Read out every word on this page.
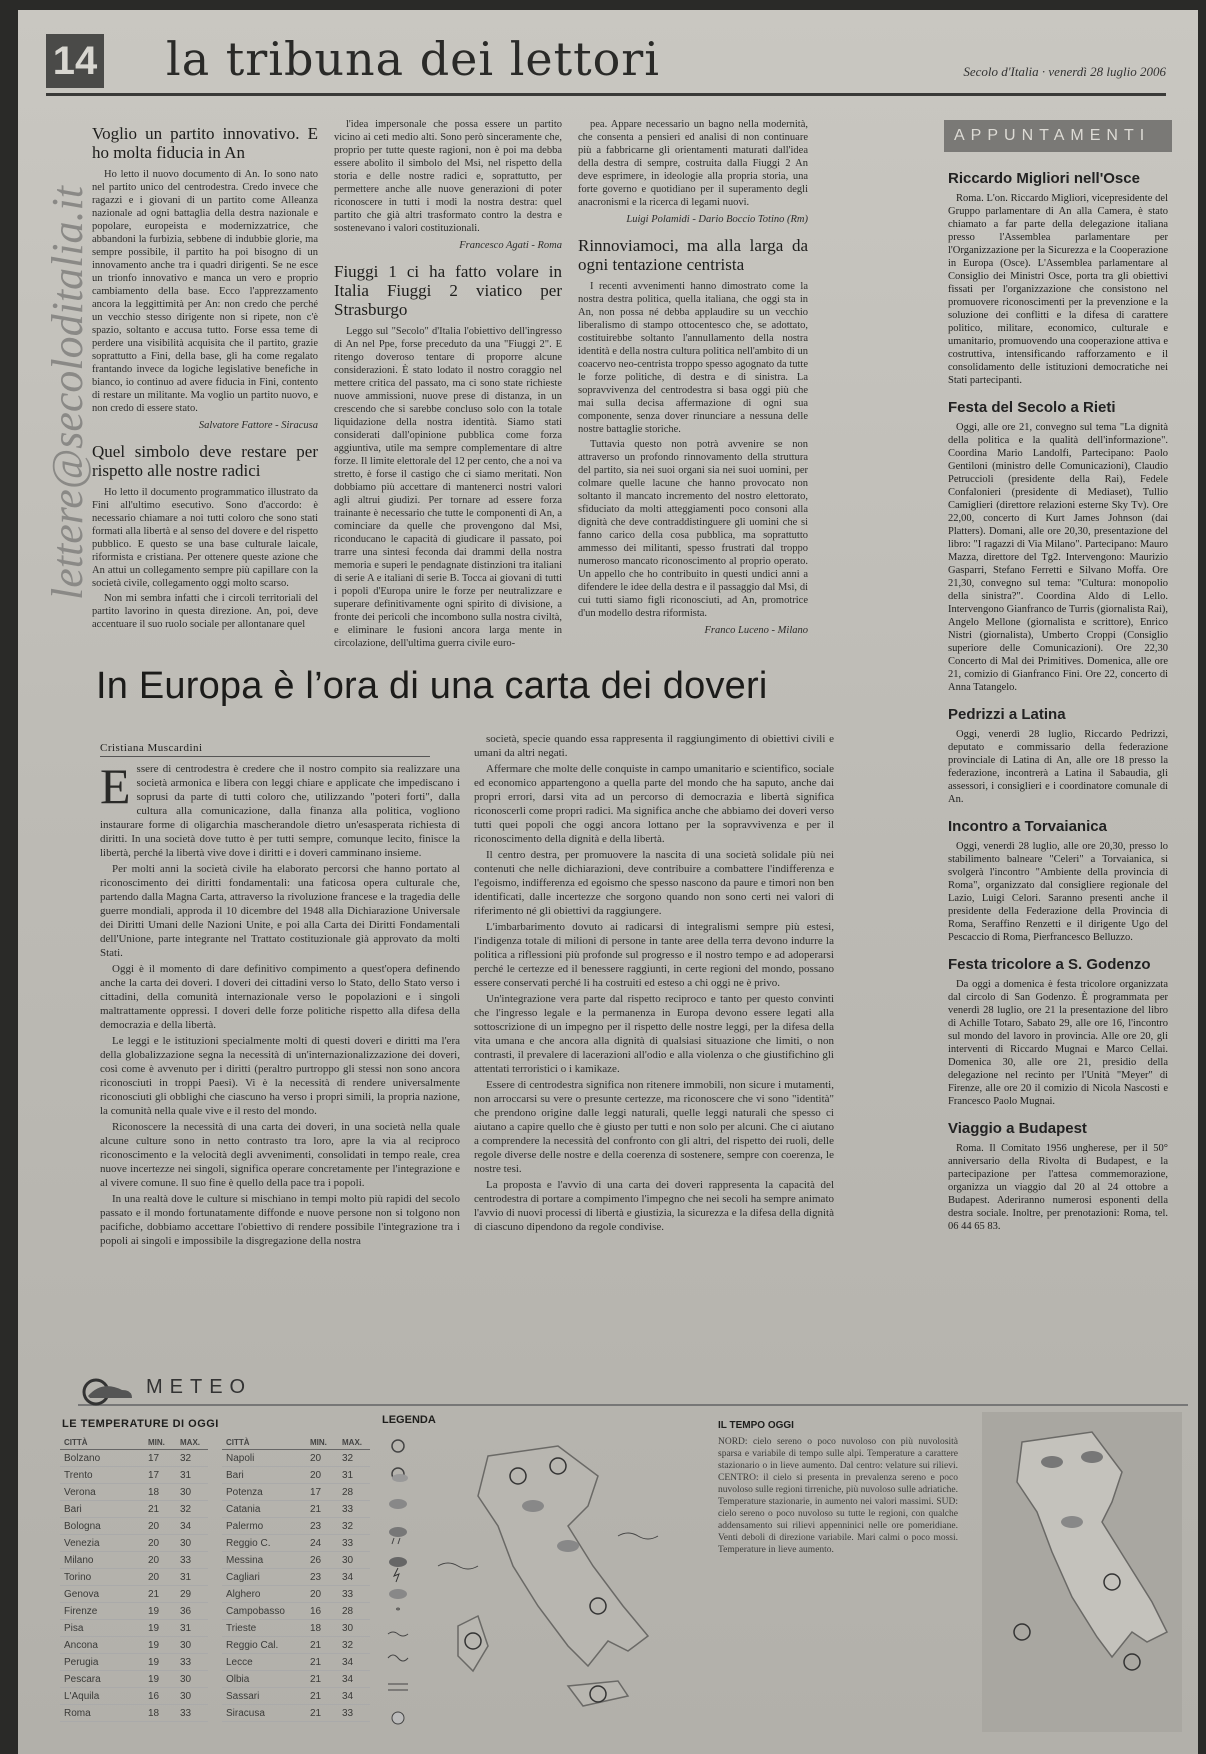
14 la tribuna dei lettori	Secolo d'Italia · venerdì 28 luglio 2006
lettere@secoloditalia.it
Voglio un partito innovativo. E ho molta fiducia in An

Ho letto il nuovo documento di An. Io sono nato nel partito unico del centrodestra. Credo invece che ragazzi e i giovani di un partito come Alleanza nazionale ad ogni battaglia della destra nazionale e popolare, europeista e modernizzatrice, che abbandoni la furbizia, sebbene di indubbie glorie, ma sempre possibile, il partito ha poi bisogno di un innovamento anche tra i quadri dirigenti. Se ne esce un trionfo innovativo e manca un vero e proprio cambiamento della base. Ecco l'apprezzamento ancora la leggittimità per An: non credo che perché un vecchio stesso dirigente non si ripete, non c'è spazio, soltanto e accusa tutto. Forse essa teme di perdere una visibilità acquisita che il partito, grazie soprattutto a Fini, della base, gli ha come regalato frantando invece da logiche legislative benefiche in bianco, io continuo ad avere fiducia in Fini, contento di restare un militante. Ma voglio un partito nuovo, e non credo di essere stato.

Salvatore Fattore - Siracusa
Quel simbolo deve restare per rispetto alle nostre radici

Ho letto il documento programmatico illustrato da Fini all'ultimo esecutivo. Sono d'accordo: è necessario chiamare a noi tutti coloro che sono stati formati alla libertà e al senso del dovere e del rispetto pubblico. E questo se una base culturale laicale, riformista e cristiana. Per ottenere queste azione che An attui un collegamento sempre più capillare con la società civile, collegamento oggi molto scarso.

Non mi sembra infatti che i circoli territoriali del partito lavorino in questa direzione. An, poi, deve accentuare il suo ruolo sociale per allontanare quel

l'idea impersonale che possa essere un partito vicino ai ceti medio alti. Sono però sinceramente che, proprio per tutte queste ragioni, non è poi ma debba essere abolito il simbolo del Msi, nel rispetto della storia e delle nostre radici e, soprattutto, per permettere anche alle nuove generazioni di poter riconoscere in tutti i modi la nostra destra: quel partito che già altri trasformato contro la destra e sostenevano i valori costituzionali.

Francesco Agati - Roma
Fiuggi 1 ci ha fatto volare in Italia Fiuggi 2 viatico per Strasburgo

Leggo sul "Secolo" d'Italia l'obiettivo dell'ingresso di An nel Ppe, forse preceduto da una "Fiuggi 2". E ritengo doveroso tentare di proporre alcune considerazioni. È stato lodato il nostro coraggio nel mettere critica del passato, ma ci sono state richieste nuove ammissioni, nuove prese di distanza, in un crescendo che si sarebbe concluso solo con la totale liquidazione della nostra identità. Siamo stati considerati dall'opinione pubblica come forza aggiuntiva, utile ma sempre complementare di altre forze. Il limite elettorale del 12 per cento, che a noi va stretto, è forse il castigo che ci siamo meritati. Non dobbiamo più accettare di mantenerci nostri valori agli altrui giudizi. Per tornare ad essere forza trainante è necessario che tutte le componenti di An, a cominciare da quelle che provengono dal Msi, riconducano le capacità di giudicare il passato, poi trarre una sintesi feconda dai drammi della nostra memoria e superi le pendagnate distinzioni tra italiani di serie A e italiani di serie B. Tocca ai giovani di tutti i popoli d'Europa unire le forze per neutralizzare e superare definitivamente ogni spirito di divisione, a fronte dei pericoli che incombono sulla nostra civiltà, e eliminare le fusioni ancora larga mente in circolazione, dell'ultima guerra civile euro-

pea. Appare necessario un bagno nella modernità, che consenta a pensieri ed analisi di non continuare più a fabbricarne gli orientamenti maturati dall'idea della destra di sempre, costruita dalla Fiuggi 2 An deve esprimere, in ideologie alla propria storia, una forte governo e quotidiano per il superamento degli anacronismi e la ricerca di legami nuovi.

Luigi Polamidi - Dario Boccio Totino (Rm)
Rinnoviamoci, ma alla larga da ogni tentazione centrista

I recenti avvenimenti hanno dimostrato come la nostra destra politica, quella italiana, che oggi sta in An, non possa né debba applaudire su un vecchio liberalismo di stampo ottocentesco che, se adottato, costituirebbe soltanto l'annullamento della nostra identità e della nostra cultura politica nell'ambito di un coacervo neo-centrista troppo spesso agognato da tutte le forze politiche, di destra e di sinistra. La sopravvivenza del centrodestra si basa oggi più che mai sulla decisa affermazione di ogni sua componente, senza dover rinunciare a nessuna delle nostre battaglie storiche.

Tuttavia questo non potrà avvenire se non attraverso un profondo rinnovamento della struttura del partito, sia nei suoi organi sia nei suoi uomini, per colmare quelle lacune che hanno provocato non soltanto il mancato incremento del nostro elettorato, sfiduciato da molti atteggiamenti poco consoni alla dignità che deve contraddistinguere gli uomini che si fanno carico della cosa pubblica, ma soprattutto ammesso dei militanti, spesso frustrati dal troppo numeroso mancato riconoscimento al proprio operato. Un appello che ho contribuito in questi undici anni a difendere le idee della destra e il passaggio dal Msi, di cui tutti siamo figli riconosciuti, ad An, promotrice d'un modello destra riformista.

Franco Luceno - Milano
In Europa è l’ora di una carta dei doveri
Cristiana Muscardini

Essere di centrodestra è credere che il nostro compito sia realizzare una società armonica e libera con leggi chiare e applicate che impediscano i soprusi da parte di tutti coloro che, utilizzando "poteri forti", dalla cultura alla comunicazione, dalla finanza alla politica, vogliono instaurare forme di oligarchia mascherandole dietro un'esasperata richiesta di diritti. In una società dove tutto è per tutti sempre, comunque lecito, finisce la libertà, perché la libertà vive dove i diritti e i doveri camminano insieme.

Per molti anni la società civile ha elaborato percorsi che hanno portato al riconoscimento dei diritti fondamentali: una faticosa opera culturale che, partendo dalla Magna Carta, attraverso la rivoluzione francese e la tragedia delle guerre mondiali, approda il 10 dicembre del 1948 alla Dichiarazione Universale dei Diritti Umani delle Nazioni Unite, e poi alla Carta dei Diritti Fondamentali dell'Unione, parte integrante nel Trattato costituzionale già approvato da molti Stati.

Oggi è il momento di dare definitivo compimento a quest'opera definendo anche la carta dei doveri. I doveri dei cittadini verso lo Stato, dello Stato verso i cittadini, della comunità internazionale verso le popolazioni e i singoli maltrattamente oppressi. I doveri delle forze politiche rispetto alla difesa della democrazia e della libertà.

Le leggi e le istituzioni specialmente molti di questi doveri e diritti ma l'era della globalizzazione segna la necessità di un'internazionalizzazione dei doveri, così come è avvenuto per i diritti (peraltro purtroppo gli stessi non sono ancora riconosciuti in troppi Paesi). Vi è la necessità di rendere universalmente riconosciuti gli obblighi che ciascuno ha verso i propri simili, la propria nazione, la comunità nella quale vive e il resto del mondo.

Riconoscere la necessità di una carta dei doveri, in una società nella quale alcune culture sono in netto contrasto tra loro, apre la via al reciproco riconoscimento e la velocità degli avvenimenti, consolidati in tempo reale, crea nuove incertezze nei singoli, significa operare concretamente per l'integrazione e al vivere comune. Il suo fine è quello della pace tra i popoli.

In una realtà dove le culture si mischiano in tempi molto più rapidi del secolo passato e il mondo fortunatamente diffonde e nuove persone non si tolgono non pacifiche, dobbiamo accettare l'obiettivo di rendere possibile l'integrazione tra i popoli ai singoli e impossibile la disgregazione della nostra

società, specie quando essa rappresenta il raggiungimento di obiettivi civili e umani da altri negati.

Affermare che molte delle conquiste in campo umanitario e scientifico, sociale ed economico appartengono a quella parte del mondo che ha saputo, anche dai propri errori, darsi vita ad un percorso di democrazia e libertà significa riconoscerli come propri radici. Ma significa anche che abbiamo dei doveri verso tutti quei popoli che oggi ancora lottano per la sopravvivenza e per il riconoscimento della dignità e della libertà.

Il centro destra, per promuovere la nascita di una società solidale più nei contenuti che nelle dichiarazioni, deve contribuire a combattere l'indifferenza e l'egoismo, indifferenza ed egoismo che spesso nascono da paure e timori non ben identificati, dalle incertezze che sorgono quando non sono certi nei valori di riferimento né gli obiettivi da raggiungere.

L'imbarbarimento dovuto ai radicarsi di integralismi sempre più estesi, l'indigenza totale di milioni di persone in tante aree della terra devono indurre la politica a riflessioni più profonde sul progresso e il nostro tempo e ad adoperarsi perché le certezze ed il benessere raggiunti, in certe regioni del mondo, possano essere conservati perché li ha costruiti ed esteso a chi oggi ne è privo.

Un'integrazione vera parte dal rispetto reciproco e tanto per questo convinti che l'ingresso legale e la permanenza in Europa devono essere legati alla sottoscrizione di un impegno per il rispetto delle nostre leggi, per la difesa della vita umana e che ancora alla dignità di qualsiasi situazione che limiti, o non contrasti, il prevalere di lacerazioni all'odio e alla violenza o che giustifichino gli attentati terroristici o i kamikaze.

Essere di centrodestra significa non ritenere immobili, non sicure i mutamenti, non arroccarsi su vere o presunte certezze, ma riconoscere che vi sono "identità" che prendono origine dalle leggi naturali, quelle leggi naturali che spesso ci aiutano a capire quello che è giusto per tutti e non solo per alcuni. Che ci aiutano a comprendere la necessità del confronto con gli altri, del rispetto dei ruoli, delle regole diverse delle nostre e della coerenza di sostenere, sempre con coerenza, le nostre tesi.

La proposta e l'avvio di una carta dei doveri rappresenta la capacità del centrodestra di portare a compimento l'impegno che nei secoli ha sempre animato l'avvio di nuovi processi di libertà e giustizia, la sicurezza e la difesa della dignità di ciascuno dipendono da regole condivise.

APPUNTAMENTI
Riccardo Migliori nell'Osce

Roma. L'on. Riccardo Migliori, vicepresidente del Gruppo parlamentare di An alla Camera, è stato chiamato a far parte della delegazione italiana presso l'Assemblea parlamentare per l'Organizzazione per la Sicurezza e la Cooperazione in Europa (Osce). L'Assemblea parlamentare al Consiglio dei Ministri Osce, porta tra gli obiettivi fissati per l'organizzazione che consistono nel promuovere riconoscimenti per la prevenzione e la soluzione dei conflitti e la difesa di carattere politico, militare, economico, culturale e umanitario, promuovendo una cooperazione attiva e costruttiva, intensificando rafforzamento e il consolidamento delle istituzioni democratiche nei Stati partecipanti.

Festa del Secolo a Rieti

Oggi, alle ore 21, convegno sul tema "La dignità della politica e la qualità dell'informazione". Coordina Mario Landolfi, Partecipano: Paolo Gentiloni (ministro delle Comunicazioni), Claudio Petruccioli (presidente della Rai), Fedele Confalonieri (presidente di Mediaset), Tullio Camiglieri (direttore relazioni esterne Sky Tv). Ore 22,00, concerto di Kurt James Johnson (dai Platters). Domani, alle ore 20,30, presentazione del libro: "I ragazzi di Via Milano". Partecipano: Mauro Mazza, direttore del Tg2. Intervengono: Maurizio Gasparri, Stefano Ferretti e Silvano Moffa. Ore 21,30, convegno sul tema: "Cultura: monopolio della sinistra?". Coordina Aldo di Lello. Intervengono Gianfranco de Turris (giornalista Rai), Angelo Mellone (giornalista e scrittore), Enrico Nistri (giornalista), Umberto Croppi (Consiglio superiore delle Comunicazioni). Ore 22,30 Concerto di Mal dei Primitives. Domenica, alle ore 21, comizio di Gianfranco Fini. Ore 22, concerto di Anna Tatangelo.

Pedrizzi a Latina

Oggi, venerdì 28 luglio, Riccardo Pedrizzi, deputato e commissario della federazione provinciale di Latina di An, alle ore 18 presso la federazione, incontrerà a Latina il Sabaudia, gli assessori, i consiglieri e i coordinatore comunale di An.

Incontro a Torvaianica

Oggi, venerdì 28 luglio, alle ore 20,30, presso lo stabilimento balneare "Celeri" a Torvaianica, si svolgerà l'incontro "Ambiente della provincia di Roma", organizzato dal consigliere regionale del Lazio, Luigi Celori. Saranno presenti anche il presidente della Federazione della Provincia di Roma, Seraffino Renzetti e il dirigente Ugo del Pescaccio di Roma, Pierfrancesco Belluzzo.

Festa tricolore a S. Godenzo

Da oggi a domenica è festa tricolore organizzata dal circolo di San Godenzo. È programmata per venerdì 28 luglio, ore 21 la presentazione del libro di Achille Totaro, Sabato 29, alle ore 16, l'incontro sul mondo del lavoro in provincia. Alle ore 20, gli interventi di Riccardo Mugnai e Marco Cellai. Domenica 30, alle ore 21, presidio della delegazione nel recinto per l'Unità "Meyer" di Firenze, alle ore 20 il comizio di Nicola Nascosti e Francesco Paolo Mugnai.

Viaggio a Budapest

Roma. Il Comitato 1956 ungherese, per il 50° anniversario della Rivolta di Budapest, e la partecipazione per l'attesa commemorazione, organizza un viaggio dal 20 al 24 ottobre a Budapest. Aderiranno numerosi esponenti della destra sociale. Inoltre, per prenotazioni: Roma, tel. 06 44 65 83.

METEO
LE TEMPERATURE DI OGGI
CITTÀ	MIN.	MAX.
Bolzano	17	32
Trento	17	31
Verona	18	30
Bari	21	32
Bologna	20	34
Venezia	20	30
Milano	20	33
Torino	20	31
Genova	21	29
Firenze	19	36
Pisa	19	31
Ancona	19	30
Perugia	19	33
Pescara	19	30
L'Aquila	16	30
Roma	18	33
CITTÀ	MIN.	MAX.
Napoli	20	32
Bari	20	31
Potenza	17	28
Catania	21	33
Palermo	23	32
Reggio C.	24	33
Messina	26	30
Cagliari	23	34
Alghero	20	33
Campobasso	16	28
Trieste	18	30
Reggio Cal.	21	32
Lecce	21	34
Olbia	21	34
Sassari	21	34
Siracusa	21	33
LEGENDA
*
IL TEMPO OGGI
NORD: cielo sereno o poco nuvoloso con più nuvolosità sparsa e variabile di tempo sulle alpi. Temperature a carattere stazionario o in lieve aumento. Dal centro: velature sui rilievi. CENTRO: il cielo si presenta in prevalenza sereno e poco nuvoloso sulle regioni tirreniche, più nuvoloso sulle adriatiche. Temperature stazionarie, in aumento nei valori massimi. SUD: cielo sereno o poco nuvoloso su tutte le regioni, con qualche addensamento sui rilievi appenninici nelle ore pomeridiane. Venti deboli di direzione variabile. Mari calmi o poco mossi. Temperature in lieve aumento.
